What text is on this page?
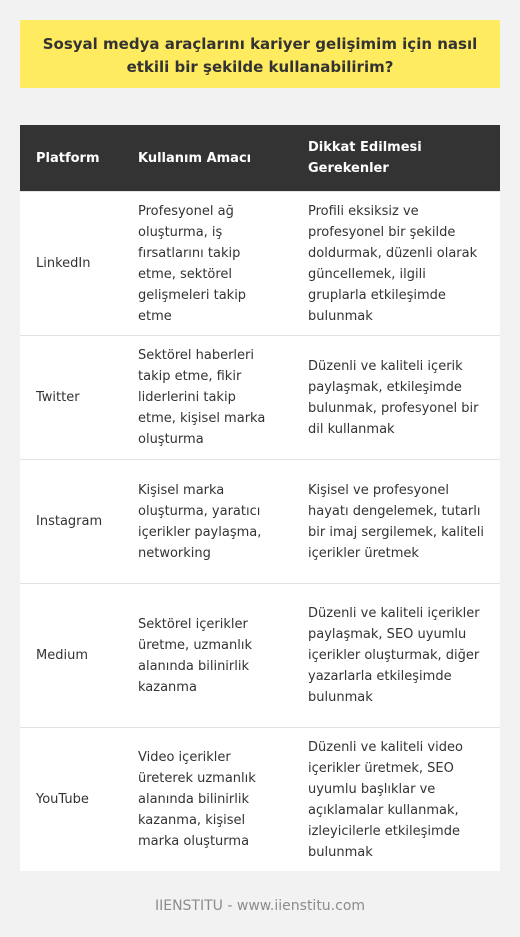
Sosyal medya araçlarını kariyer gelişimim için nasıl etkili bir şekilde kullanabilirim?
Platform	Kullanım Amacı	Dikkat Edilmesi Gerekenler
LinkedIn	Profesyonel ağ oluşturma, iş fırsatlarını takip etme, sektörel gelişmeleri takip etme	Profili eksiksiz ve profesyonel bir şekilde doldurmak, düzenli olarak güncellemek, ilgili gruplarla etkileşimde bulunmak
Twitter	Sektörel haberleri takip etme, fikir liderlerini takip etme, kişisel marka oluşturma	Düzenli ve kaliteli içerik paylaşmak, etkileşimde bulunmak, profesyonel bir dil kullanmak
Instagram	Kişisel marka oluşturma, yaratıcı içerikler paylaşma, networking	Kişisel ve profesyonel hayatı dengelemek, tutarlı bir imaj sergilemek, kaliteli içerikler üretmek
Medium	Sektörel içerikler üretme, uzmanlık alanında bilinirlik kazanma	Düzenli ve kaliteli içerikler paylaşmak, SEO uyumlu içerikler oluşturmak, diğer yazarlarla etkileşimde bulunmak
YouTube	Video içerikler üreterek uzmanlık alanında bilinirlik kazanma, kişisel marka oluşturma	Düzenli ve kaliteli video içerikler üretmek, SEO uyumlu başlıklar ve açıklamalar kullanmak, izleyicilerle etkileşimde bulunmak
IIENSTITU - www.iienstitu.com
